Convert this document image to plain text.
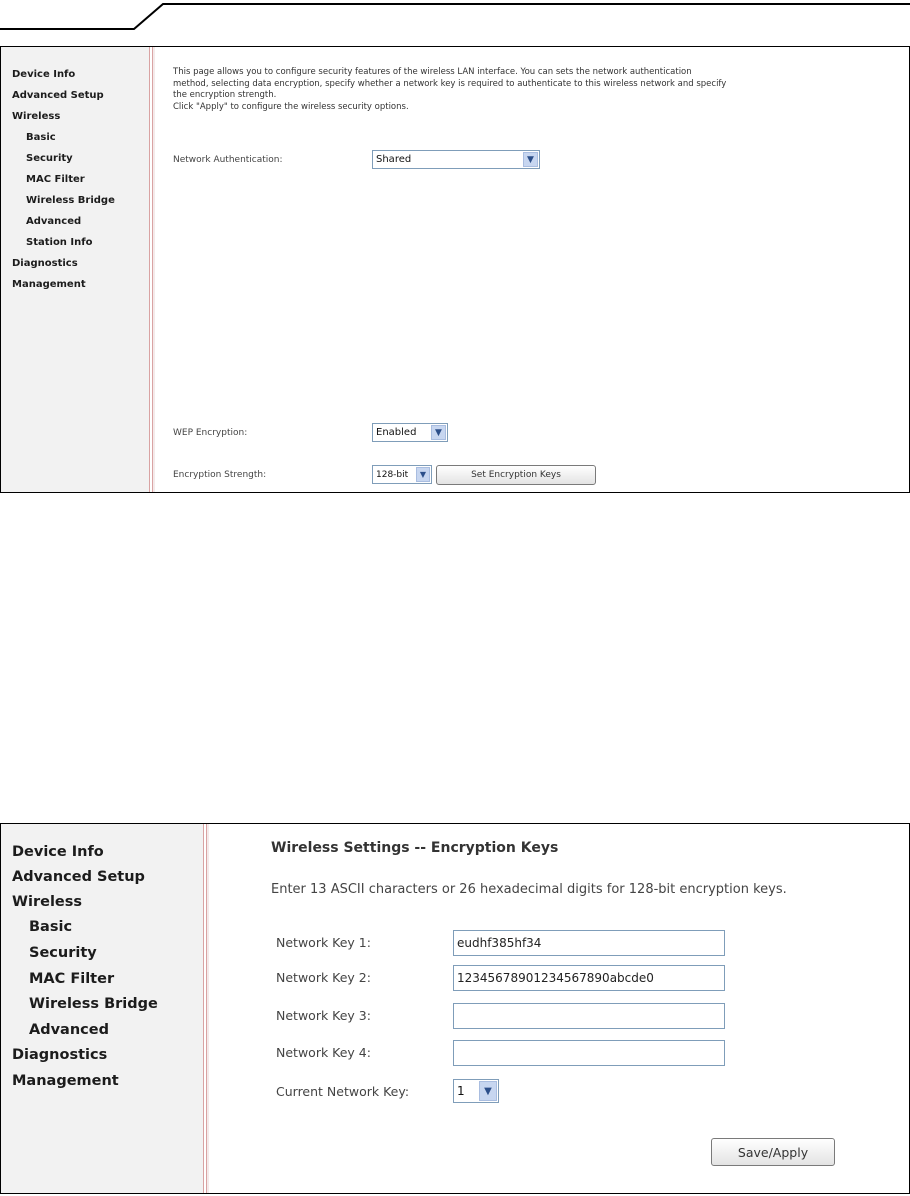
Device Info
Advanced Setup
Wireless
Basic
Security
MAC Filter
Wireless Bridge
Advanced
Station Info
Diagnostics
Management
This page allows you to configure security features of the wireless LAN interface. You can sets the network authentication
method, selecting data encryption, specify whether a network key is required to authenticate to this wireless network and specify
the encryption strength.
Click "Apply" to configure the wireless security options.
Network Authentication:	Shared	▼
WEP Encryption:	Enabled	▼
Encryption Strength:	128-bit	▼	Set Encryption Keys
Device Info
Advanced Setup
Wireless
Basic
Security
MAC Filter
Wireless Bridge
Advanced
Diagnostics
Management
Wireless Settings -- Encryption Keys
Enter 13 ASCII characters or 26 hexadecimal digits for 128-bit encryption keys.
Network Key 1:	eudhf385hf34
Network Key 2:	12345678901234567890abcde0
Network Key 3:
Network Key 4:
Current Network Key:	1	▼
Save/Apply
